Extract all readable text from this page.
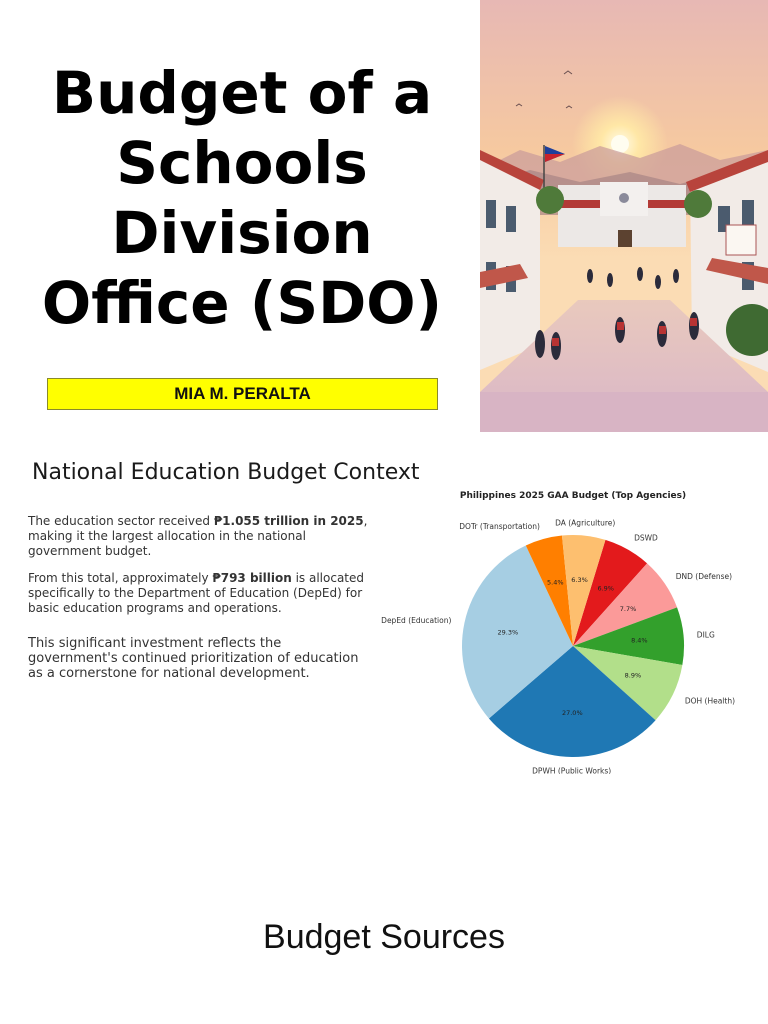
Budget of a
Schools
Division
Office (SDO)
MIA M. PERALTA
National Education Budget Context
The education sector received ₱1.055 trillion in 2025, making it the largest allocation in the national government budget.
From this total, approximately ₱793 billion is allocated specifically to the Department of Education (DepEd) for basic education programs and operations.
This significant investment reflects the government's continued prioritization of education as a cornerstone for national development.
Philippines 2025 GAA Budget (Top Agencies)
6.9%
DSWD
7.7%
DND (Defense)
8.4%
DILG
8.9%
DOH (Health)
27.0%
DPWH (Public Works)
29.3%
DepEd (Education)
5.4%
DOTr (Transportation)
6.3%
DA (Agriculture)
Budget Sources
